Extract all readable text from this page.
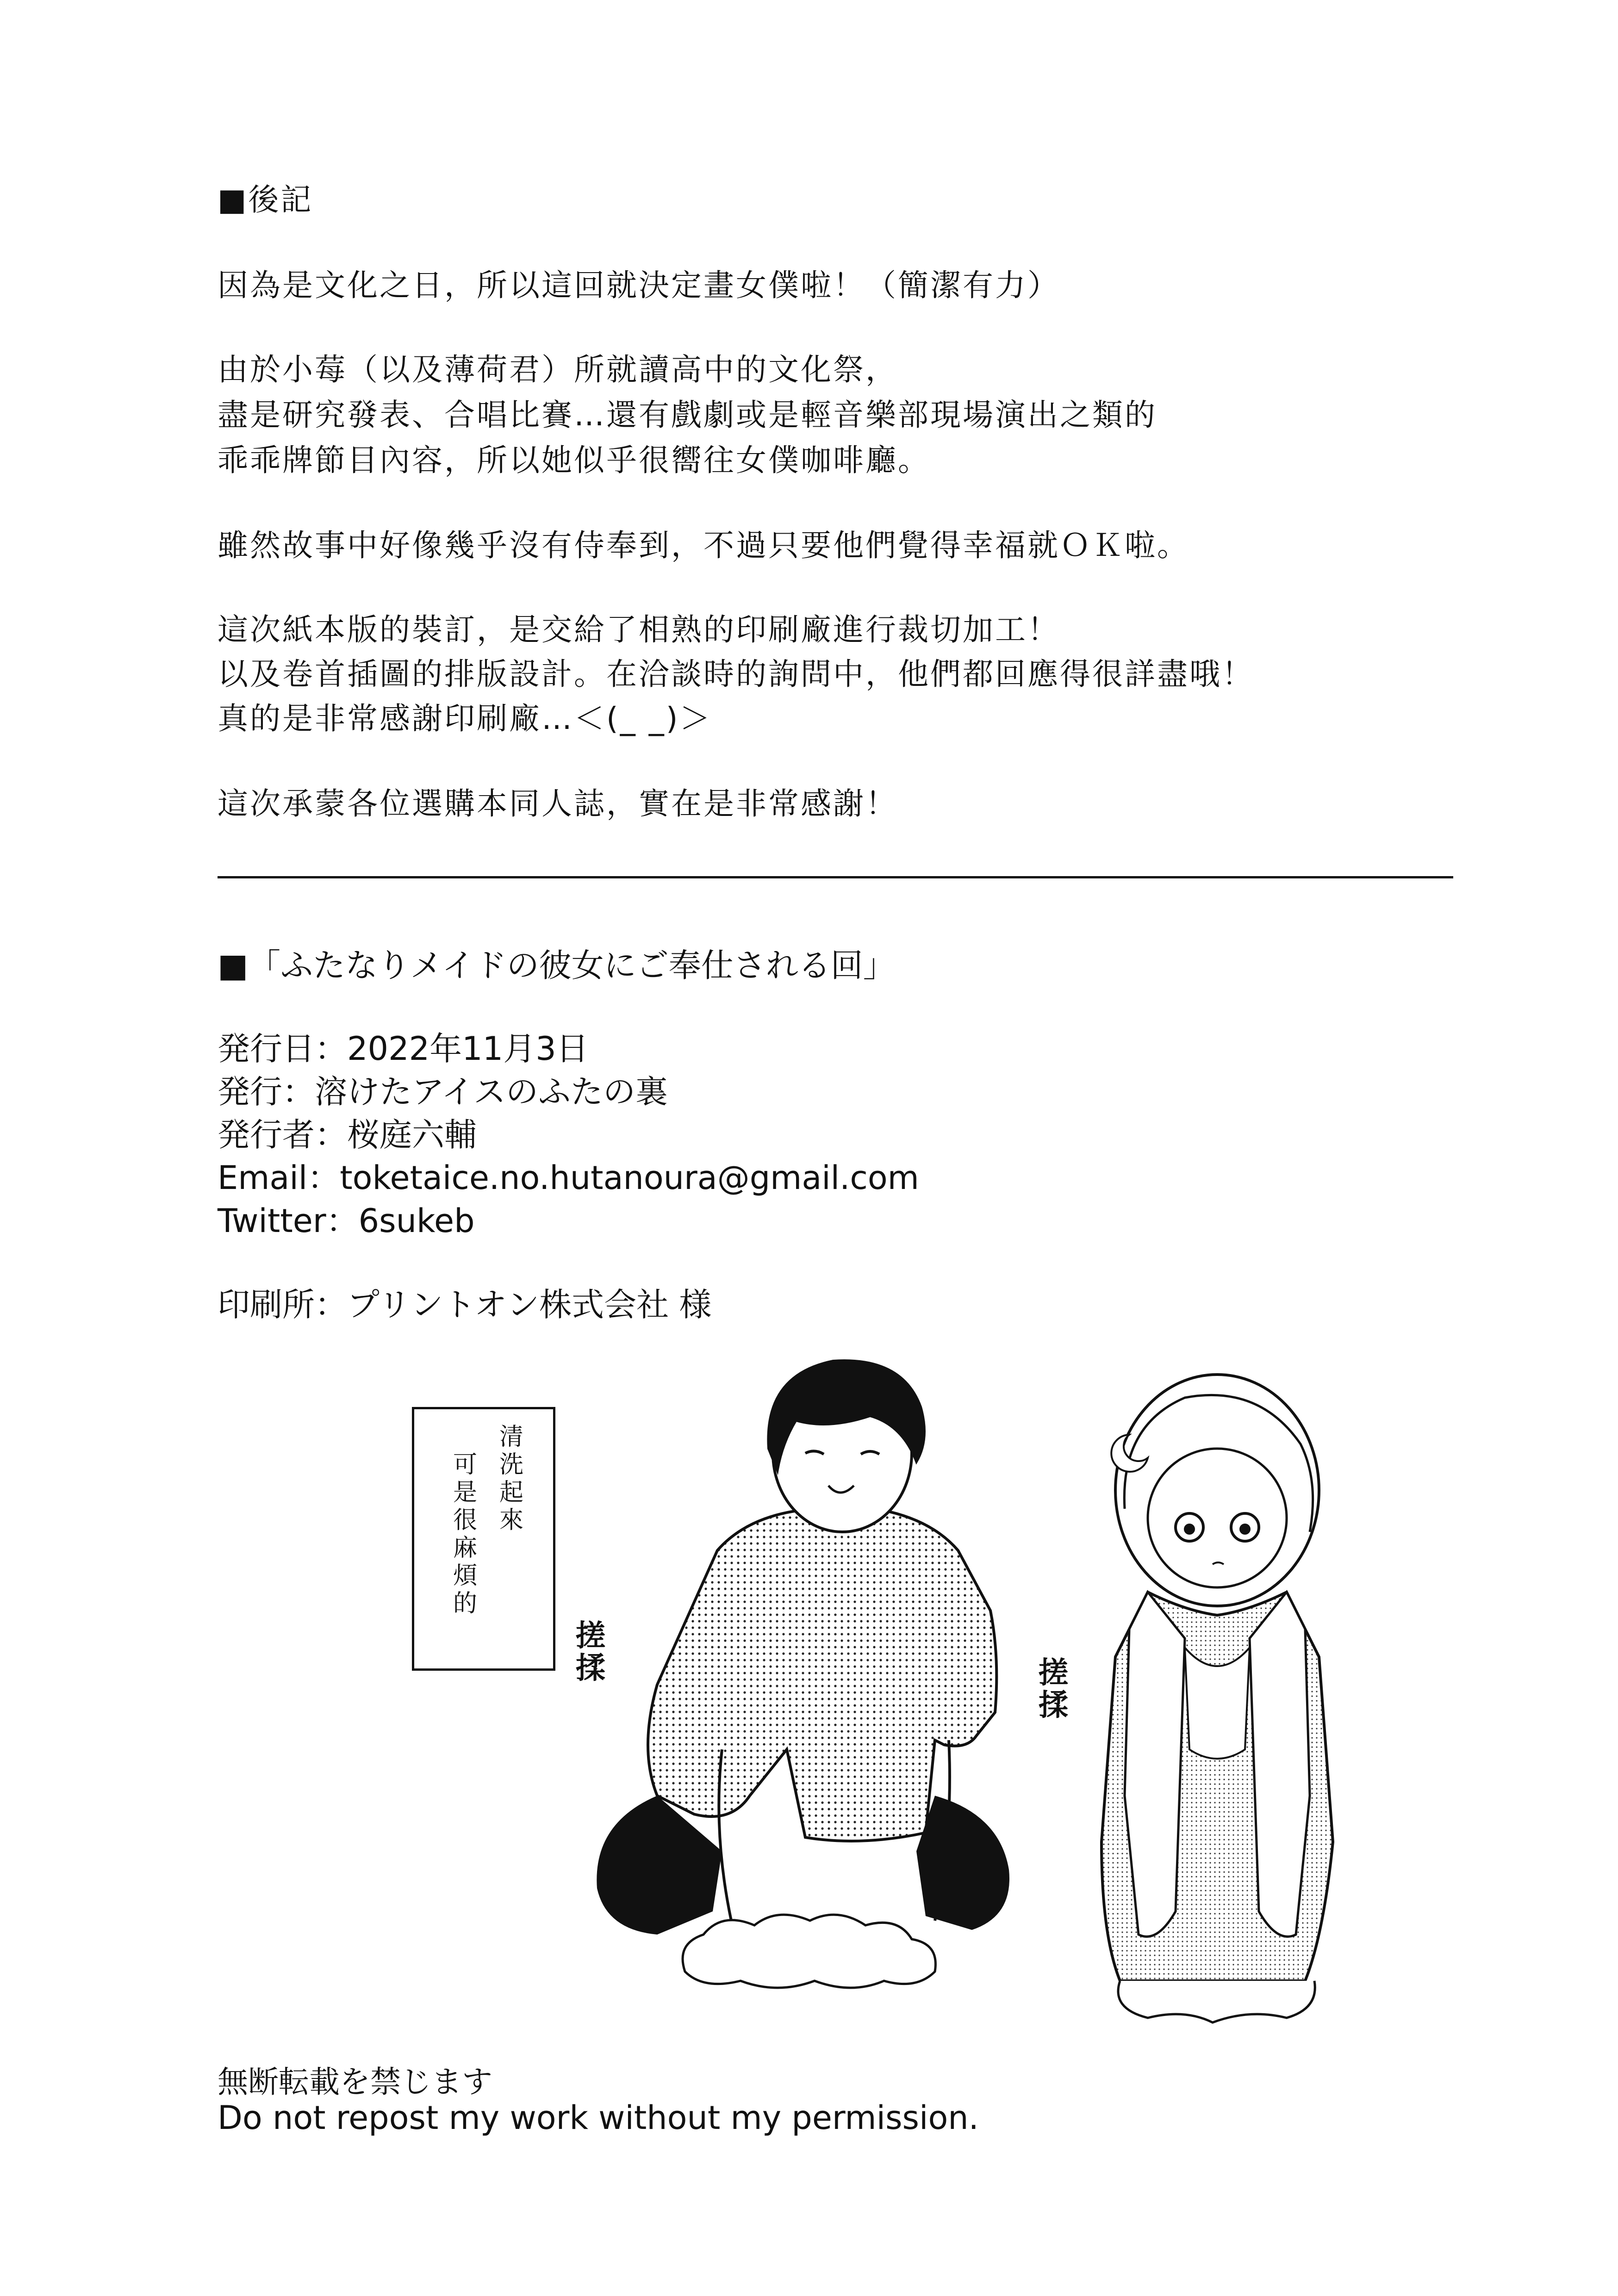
■後記
因為是文化之日，所以這回就決定畫女僕啦！（簡潔有力）
由於小莓（以及薄荷君）所就讀高中的文化祭，
盡是研究發表、合唱比賽…還有戲劇或是輕音樂部現場演出之類的
乖乖牌節目內容，所以她似乎很嚮往女僕咖啡廳。
雖然故事中好像幾乎沒有侍奉到，不過只要他們覺得幸福就ＯＫ啦。
這次紙本版的裝訂，是交給了相熟的印刷廠進行裁切加工！
以及卷首插圖的排版設計。在洽談時的詢問中，他們都回應得很詳盡哦！
真的是非常感謝印刷廠…＜(_ _)＞
這次承蒙各位選購本同人誌，實在是非常感謝！
■「ふたなりメイドの彼女にご奉仕される回」
発行日：2022年11月3日
発行：溶けたアイスのふたの裏
発行者：桜庭六輔
Email：toketaice.no.hutanoura@gmail.com
Twitter：6sukeb
印刷所：プリントオン株式会社 様
清洗起來
可是很麻煩的
搓揉	搓揉
無断転載を禁じます
Do not repost my work without my permission.
